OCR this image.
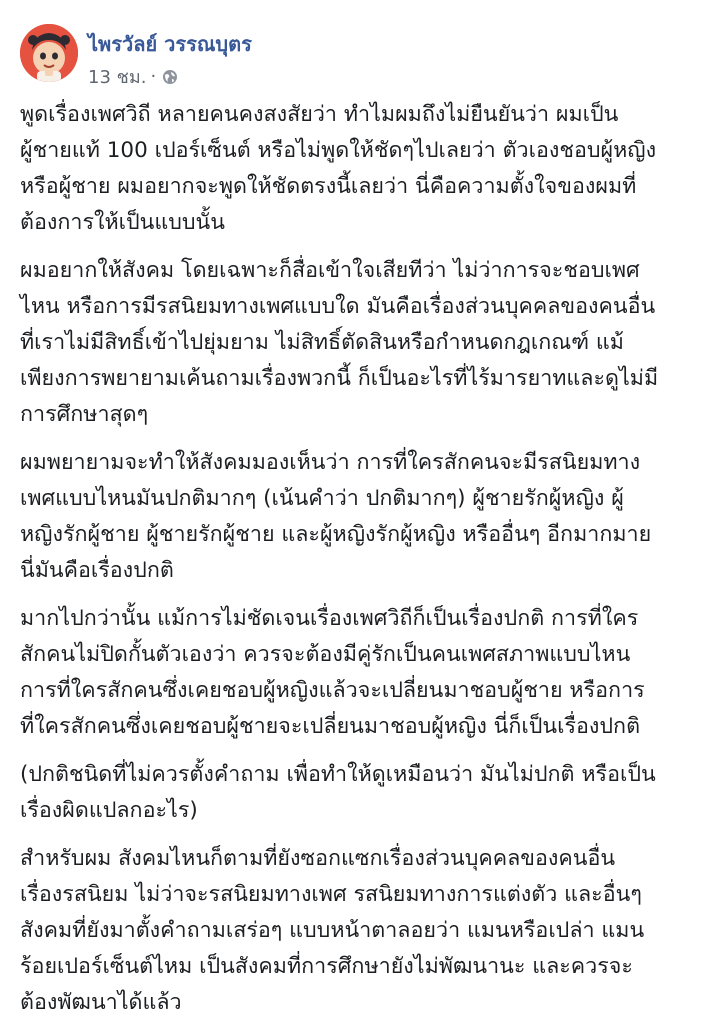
ไพรวัลย์ วรรณบุตร
13 ชม. ·

พูดเรื่องเพศวิถี หลายคนคงสงสัยว่า ทำไมผมถึงไม่ยืนยันว่า ผมเป็น
ผู้ชายแท้ 100 เปอร์เซ็นต์ หรือไม่พูดให้ชัดๆไปเลยว่า ตัวเองชอบผู้หญิง
หรือผู้ชาย ผมอยากจะพูดให้ชัดตรงนี้เลยว่า นี่คือความตั้งใจของผมที่
ต้องการให้เป็นแบบนั้น

ผมอยากให้สังคม โดยเฉพาะก็สื่อเข้าใจเสียทีว่า ไม่ว่าการจะชอบเพศ
ไหน หรือการมีรสนิยมทางเพศแบบใด มันคือเรื่องส่วนบุคคลของคนอื่น
ที่เราไม่มีสิทธิ์เข้าไปยุ่มยาม ไม่สิทธิ์ตัดสินหรือกำหนดกฎเกณฑ์ แม้
เพียงการพยายามเค้นถามเรื่องพวกนี้ ก็เป็นอะไรที่ไร้มารยาทและดูไม่มี
การศึกษาสุดๆ

ผมพยายามจะทำให้สังคมมองเห็นว่า การที่ใครสักคนจะมีรสนิยมทาง
เพศแบบไหนมันปกติมากๆ (เน้นคำว่า ปกติมากๆ) ผู้ชายรักผู้หญิง ผู้
หญิงรักผู้ชาย ผู้ชายรักผู้ชาย และผู้หญิงรักผู้หญิง หรืออื่นๆ อีกมากมาย
นี่มันคือเรื่องปกติ

มากไปกว่านั้น แม้การไม่ชัดเจนเรื่องเพศวิถีก็เป็นเรื่องปกติ การที่ใคร
สักคนไม่ปิดกั้นตัวเองว่า ควรจะต้องมีคู่รักเป็นคนเพศสภาพแบบไหน
การที่ใครสักคนซึ่งเคยชอบผู้หญิงแล้วจะเปลี่ยนมาชอบผู้ชาย หรือการ
ที่ใครสักคนซึ่งเคยชอบผู้ชายจะเปลี่ยนมาชอบผู้หญิง นี่ก็เป็นเรื่องปกติ

(ปกติชนิดที่ไม่ควรตั้งคำถาม เพื่อทำให้ดูเหมือนว่า มันไม่ปกติ หรือเป็น
เรื่องผิดแปลกอะไร)

สำหรับผม สังคมไหนก็ตามที่ยังซอกแซกเรื่องส่วนบุคคลของคนอื่น
เรื่องรสนิยม ไม่ว่าจะรสนิยมทางเพศ รสนิยมทางการแต่งตัว และอื่นๆ
สังคมที่ยังมาตั้งคำถามเสร่อๆ แบบหน้าตาลอยว่า แมนหรือเปล่า แมน
ร้อยเปอร์เซ็นต์ไหม เป็นสังคมที่การศึกษายังไม่พัฒนานะ และควรจะ
ต้องพัฒนาได้แล้ว
